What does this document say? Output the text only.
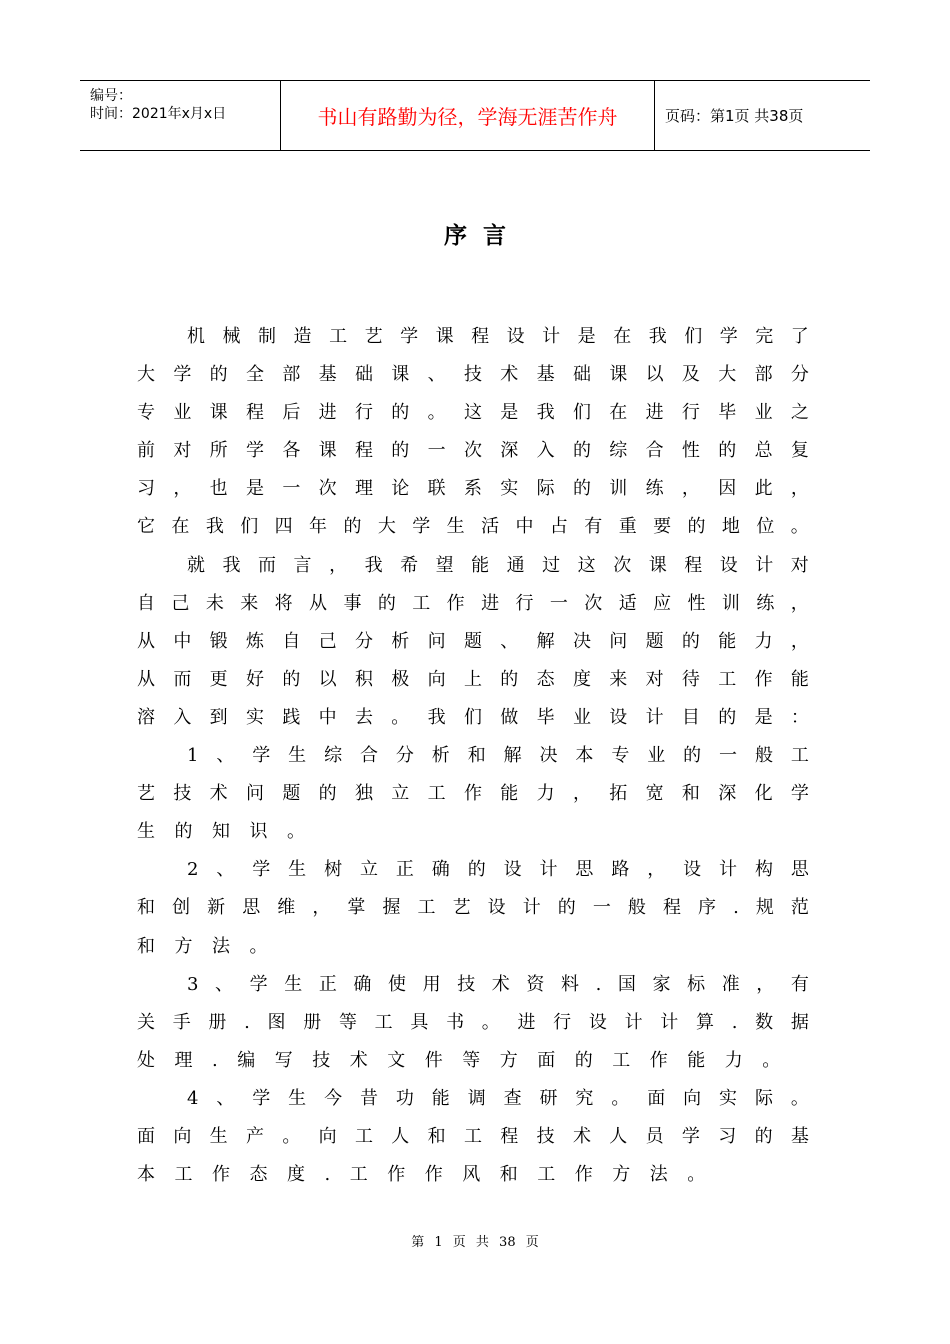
编号：
时间：2021年x月x日	书山有路勤为径，学海无涯苦作舟	页码：第1页 共38页
序言
机 械 制 造 工 艺 学 课 程 设 计 是 在 我 们 学 完 了
大 学 的 全 部 基 础 课 、 技 术 基 础 课 以 及 大 部 分
专 业 课 程 后 进 行 的 。 这 是 我 们 在 进 行 毕 业 之
前 对 所 学 各 课 程 的 一 次 深 入 的 综 合 性 的 总 复
习 ， 也 是 一 次 理 论 联 系 实 际 的 训 练 ， 因 此 ，
它 在 我 们 四 年 的 大 学 生 活 中 占 有 重 要 的 地 位 。
就 我 而 言 ， 我 希 望 能 通 过 这 次 课 程 设 计 对
自 己 未 来 将 从 事 的 工 作 进 行 一 次 适 应 性 训 练 ，
从 中 锻 炼 自 己 分 析 问 题 、 解 决 问 题 的 能 力 ，
从 而 更 好 的 以 积 极 向 上 的 态 度 来 对 待 工 作 能
溶 入 到 实 践 中 去 。 我 们 做 毕 业 设 计 目 的 是 ：
1 、 学 生 综 合 分 析 和 解 决 本 专 业 的 一 般 工
艺 技 术 问 题 的 独 立 工 作 能 力 ， 拓 宽 和 深 化 学
生 的 知 识 。
2 、 学 生 树 立 正 确 的 设 计 思 路 ， 设 计 构 思
和 创 新 思 维 ， 掌 握 工 艺 设 计 的 一 般 程 序 . 规 范
和 方 法 。
3 、 学 生 正 确 使 用 技 术 资 料 . 国 家 标 准 ， 有
关 手 册 . 图 册 等 工 具 书 。 进 行 设 计 计 算 . 数 据
处 理 . 编 写 技 术 文 件 等 方 面 的 工 作 能 力 。
4 、 学 生 今 昔 功 能 调 查 研 究 。 面 向 实 际 。
面 向 生 产 。 向 工 人 和 工 程 技 术 人 员 学 习 的 基
本 工 作 态 度 . 工 作 作 风 和 工 作 方 法 。
第 1 页 共 38 页
